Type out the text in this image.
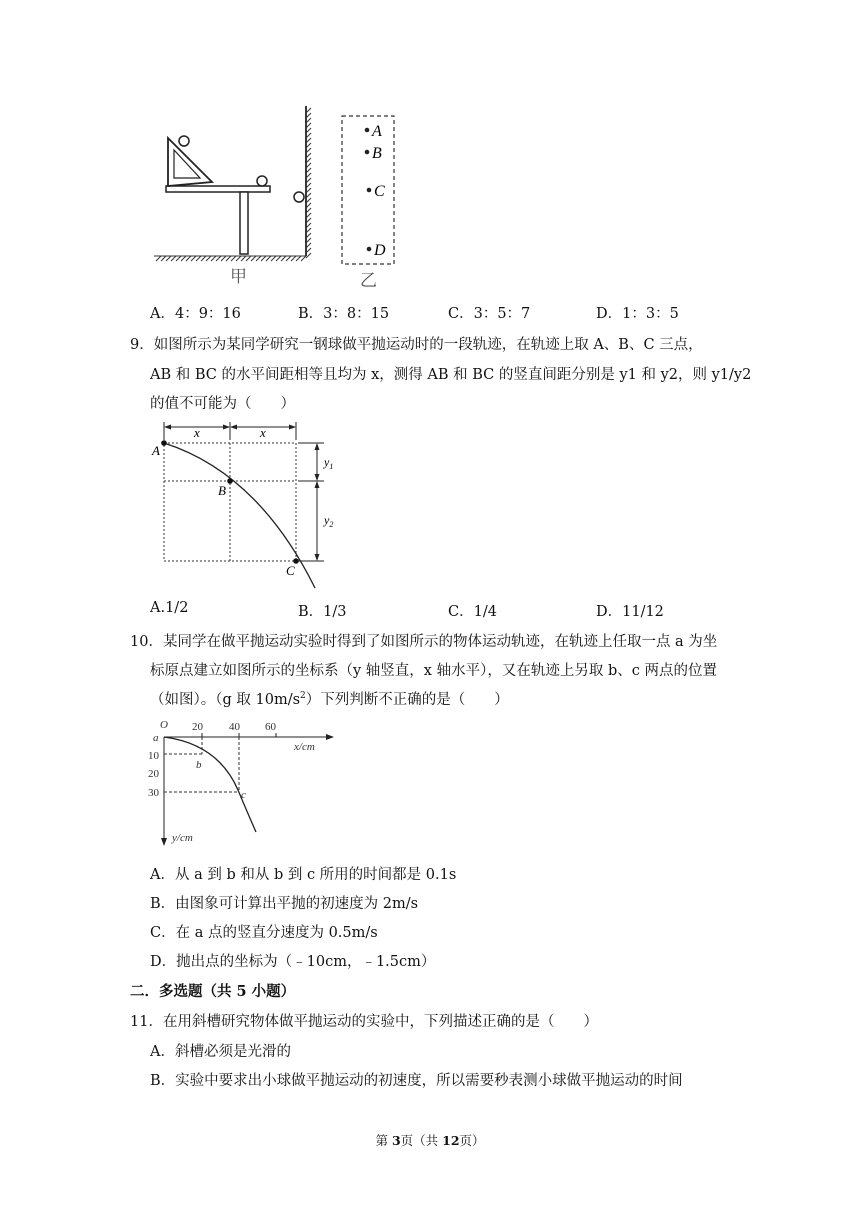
甲
A
B
C
D
乙
A．4：9：16	B．3：8：15	C．3：5：7	D．1：3：5
9．如图所示为某同学研究一钢球做平抛运动时的一段轨迹，在轨迹上取 A、B、C 三点，
AB 和 BC 的水平间距相等且均为 x，测得 AB 和 BC 的竖直间距分别是 y1 和 y2，则 y1/y2
的值不可能为（　　）
x	x
$y_1$
$y_2$
A
B
C
A.1/2	B．1/3	C．1/4	D．11/12
10．某同学在做平抛运动实验时得到了如图所示的物体运动轨迹，在轨迹上任取一点 a 为坐
标原点建立如图所示的坐标系（y 轴竖直，x 轴水平），又在轨迹上另取 b、c 两点的位置
（如图）。（g 取 $10m/s^2$）下列判断不正确的是（　　）
O 20 40 60
x/cm
a
10
20
30
y/cm
b
c
A．从 a 到 b 和从 b 到 c 所用的时间都是 0.1s
B．由图象可计算出平抛的初速度为 2m/s
C．在 a 点的竖直分速度为 0.5m/s
D．抛出点的坐标为（﹣10cm，﹣1.5cm）
二．多选题（共 5 小题）
11．在用斜槽研究物体做平抛运动的实验中，下列描述正确的是（　　）
A．斜槽必须是光滑的
B．实验中要求出小球做平抛运动的初速度，所以需要秒表测小球做平抛运动的时间
第 3页（共 12页）
